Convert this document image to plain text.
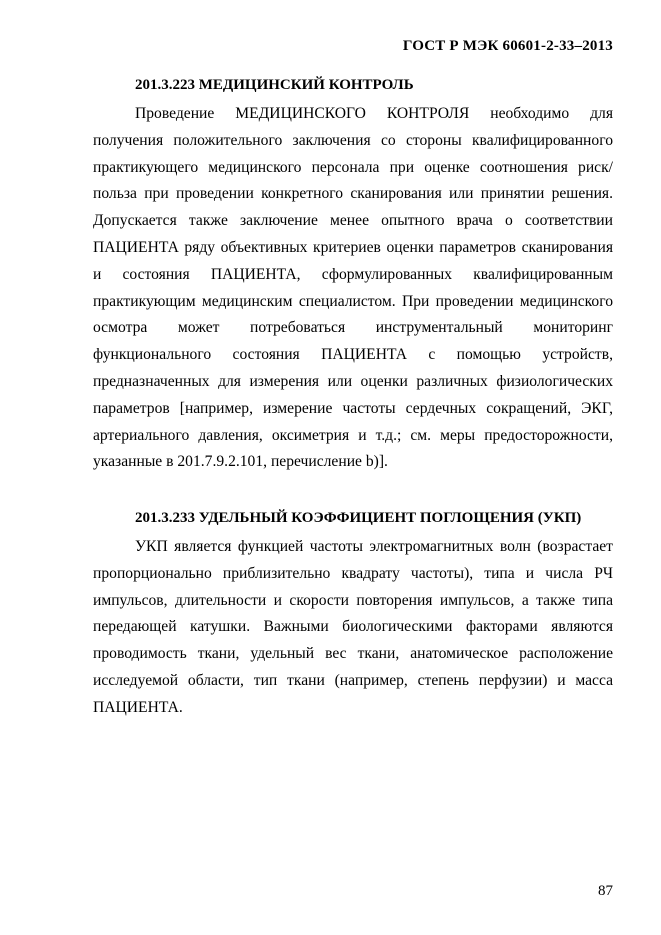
ГОСТ Р МЭК 60601-2-33–2013
201.3.223 МЕДИЦИНСКИЙ КОНТРОЛЬ

Проведение МЕДИЦИНСКОГО КОНТРОЛЯ необходимо для получения положительного заключения со стороны квалифицированного практикующего медицинского персонала при оценке соотношения риск/польза при проведении конкретного сканирования или принятии решения. Допускается также заключение менее опытного врача о соответствии ПАЦИЕНТА ряду объективных критериев оценки параметров сканирования и состояния ПАЦИЕНТА, сформулированных квалифицированным практикующим медицинским специалистом. При проведении медицинского осмотра может потребоваться инструментальный мониторинг функционального состояния ПАЦИЕНТА с помощью устройств, предназначенных для измерения или оценки различных физиологических параметров [например, измерение частоты сердечных сокращений, ЭКГ, артериального давления, оксиметрия и т.д.; см. меры предосторожности, указанные в 201.7.9.2.101, перечисление b)].

201.3.233 УДЕЛЬНЫЙ КОЭФФИЦИЕНТ ПОГЛОЩЕНИЯ (УКП)

УКП является функцией частоты электромагнитных волн (возрастает пропорционально приблизительно квадрату частоты), типа и числа РЧ импульсов, длительности и скорости повторения импульсов, а также типа передающей катушки. Важными биологическими факторами являются проводимость ткани, удельный вес ткани, анатомическое расположение исследуемой области, тип ткани (например, степень перфузии) и масса ПАЦИЕНТА.

87
